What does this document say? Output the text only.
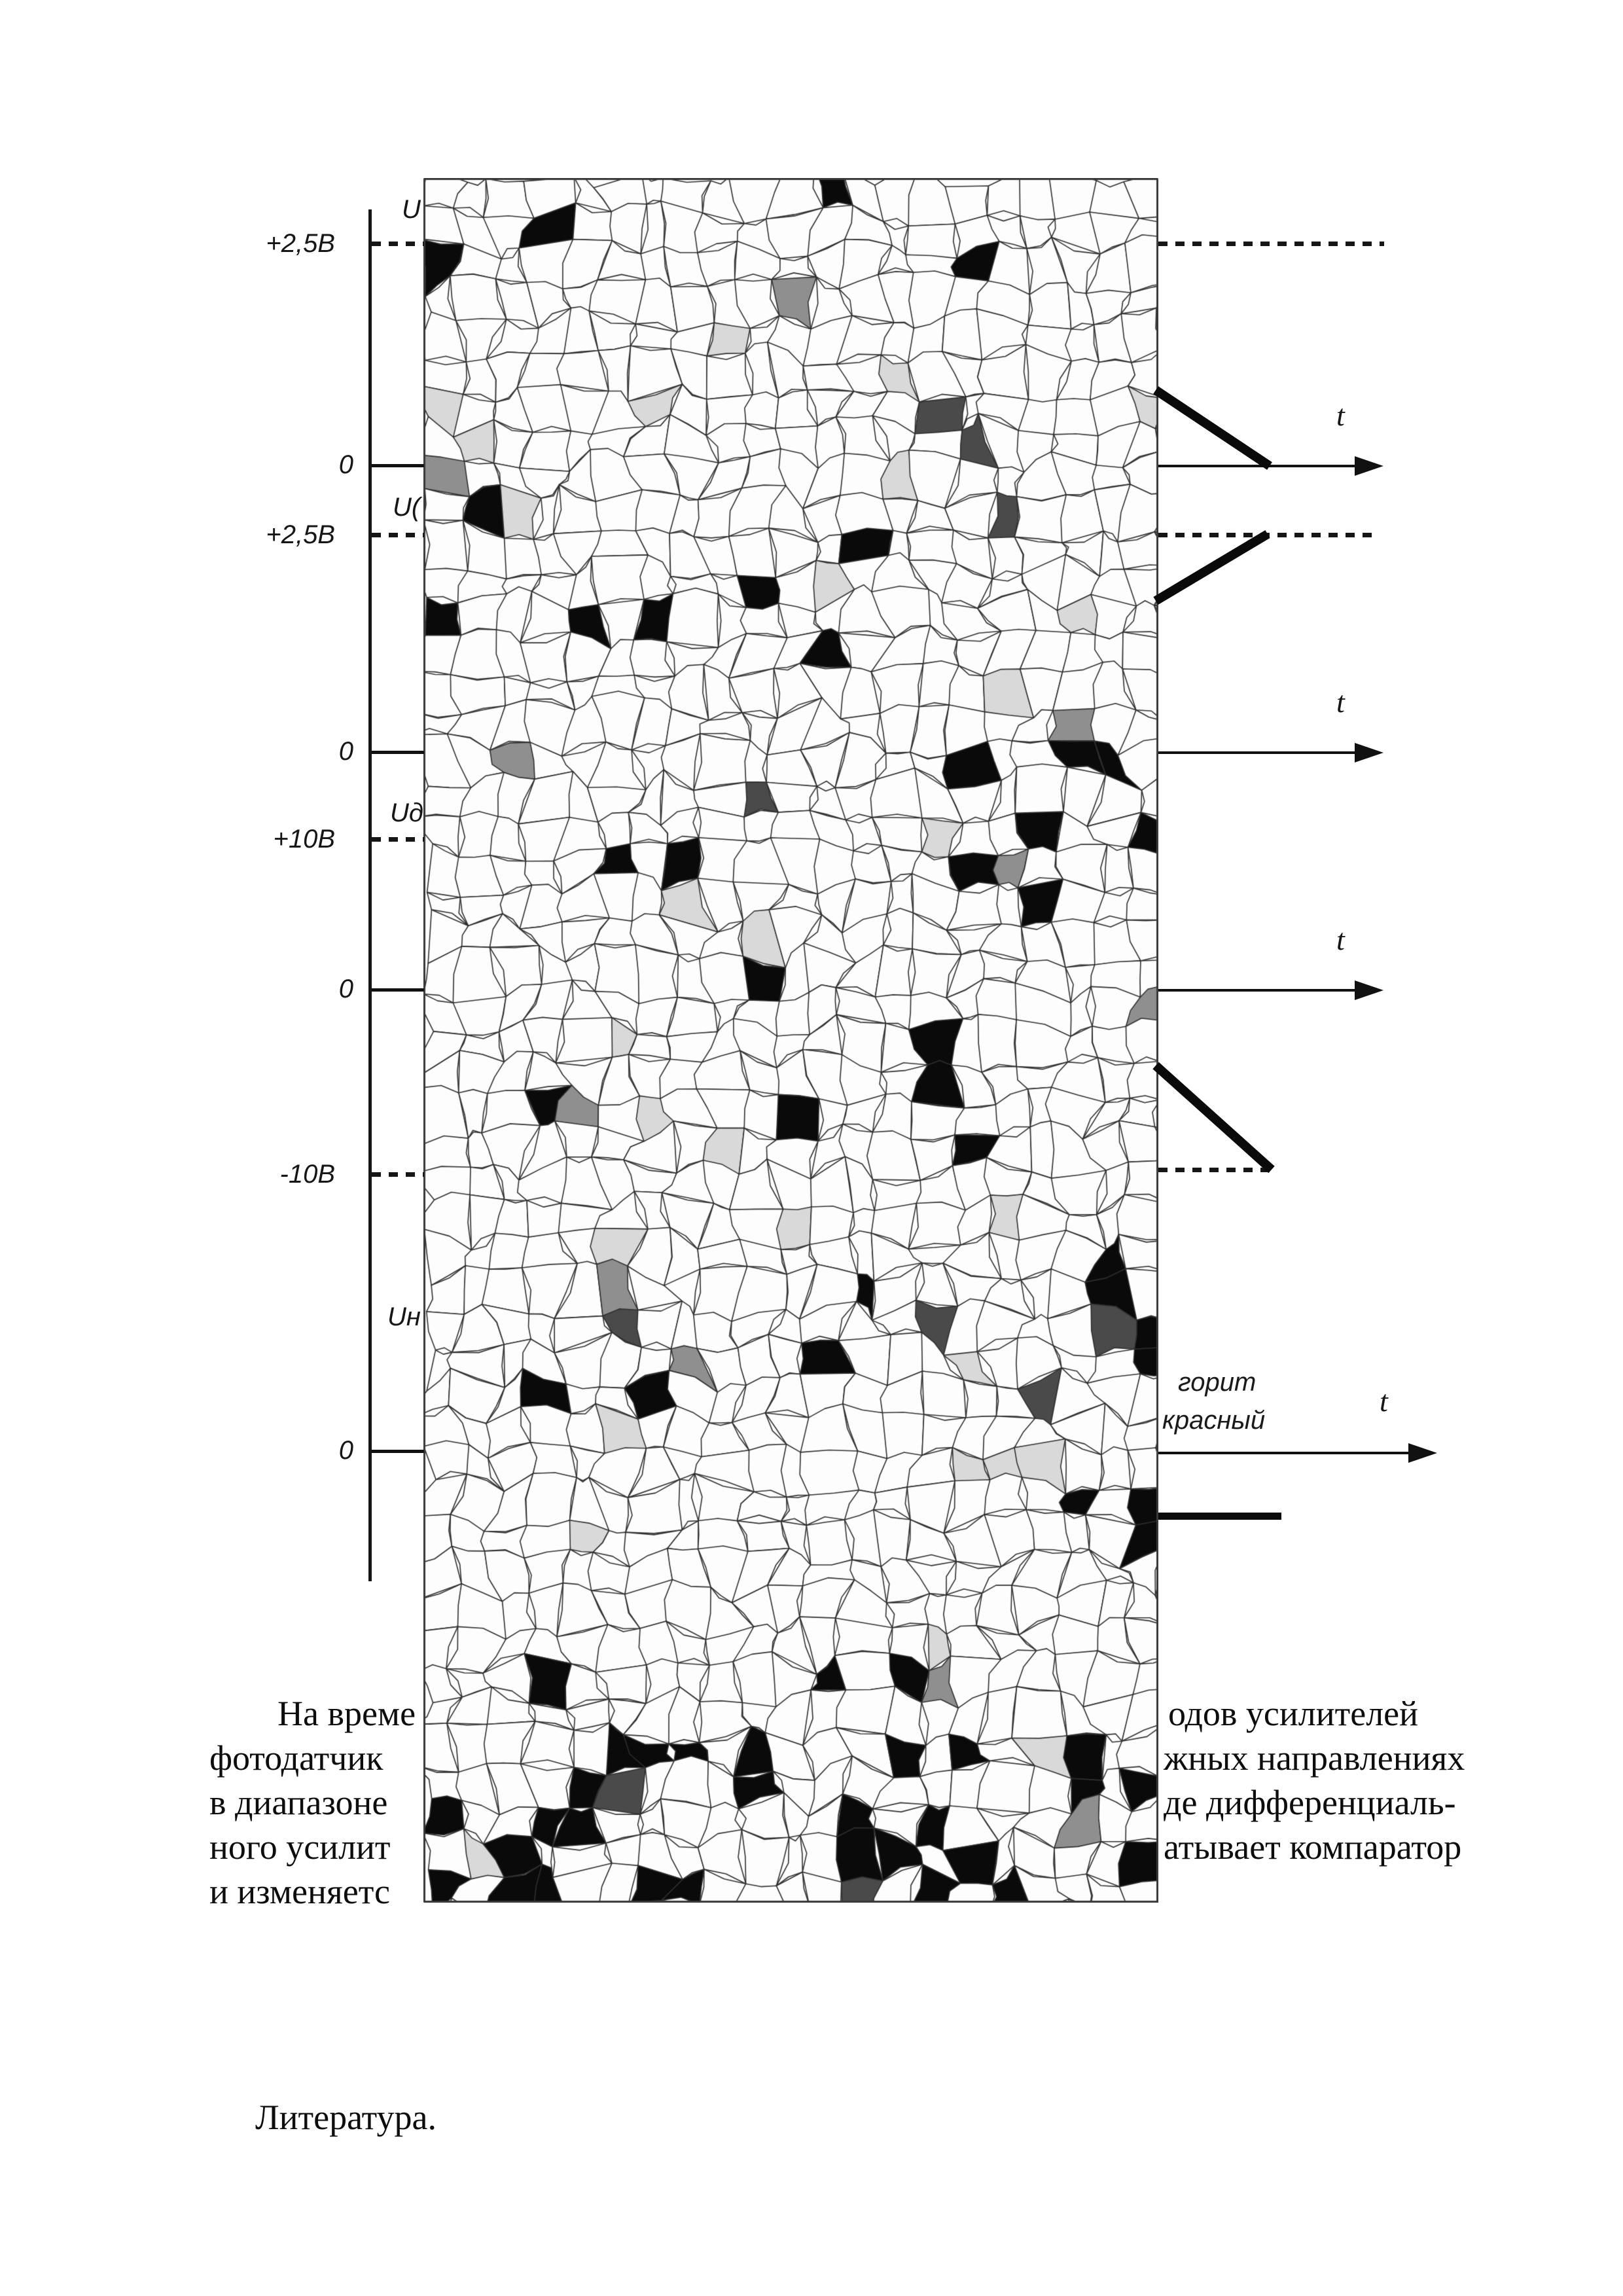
U
+2,5В
0
t
U(
+2,5В
0
t
Uд
+10В
0
t
-10В
Uн
0
t
горит
красный
На време	одов усилителей
фотодатчик	жных направлениях
в диапазоне	де дифференциаль-
ного усилит	атывает компаратор
и изменяетс
Литература.
